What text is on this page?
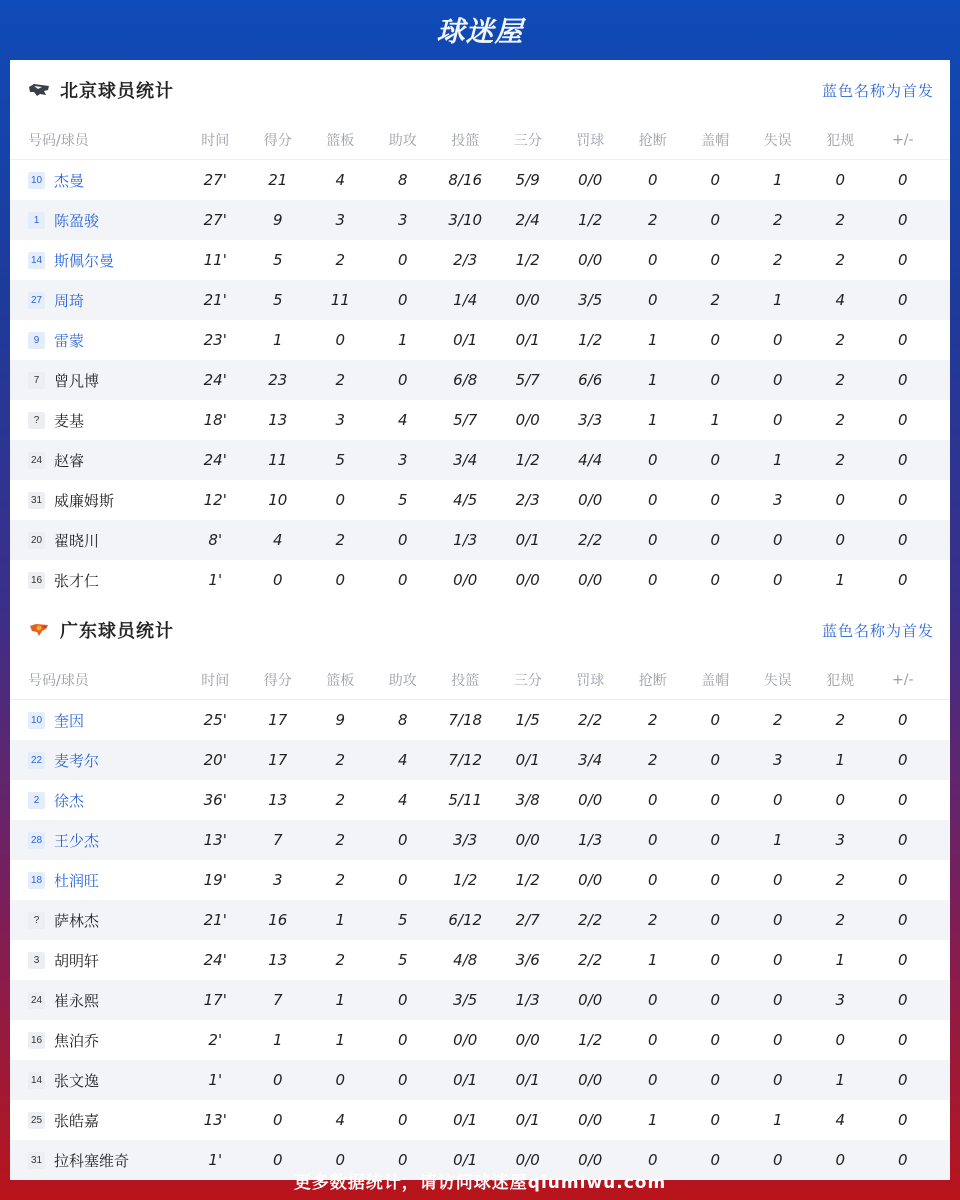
球迷屋
北京球员统计	蓝色名称为首发
号码/球员	时间	得分	篮板	助攻	投篮	三分	罚球	抢断	盖帽	失误	犯规	+/-
10 杰曼	27'	21	4	8	8/16	5/9	0/0	0	0	1	0	0
1 陈盈骏	27'	9	3	3	3/10	2/4	1/2	2	0	2	2	0
14 斯佩尔曼	11'	5	2	0	2/3	1/2	0/0	0	0	2	2	0
27 周琦	21'	5	11	0	1/4	0/0	3/5	0	2	1	4	0
9 雷蒙	23'	1	0	1	0/1	0/1	1/2	1	0	0	2	0
7 曾凡博	24'	23	2	0	6/8	5/7	6/6	1	0	0	2	0
? 麦基	18'	13	3	4	5/7	0/0	3/3	1	1	0	2	0
24 赵睿	24'	11	5	3	3/4	1/2	4/4	0	0	1	2	0
31 威廉姆斯	12'	10	0	5	4/5	2/3	0/0	0	0	3	0	0
20 翟晓川	8'	4	2	0	1/3	0/1	2/2	0	0	0	0	0
16 张才仁	1'	0	0	0	0/0	0/0	0/0	0	0	0	1	0
广东球员统计	蓝色名称为首发
号码/球员	时间	得分	篮板	助攻	投篮	三分	罚球	抢断	盖帽	失误	犯规	+/-
10 奎因	25'	17	9	8	7/18	1/5	2/2	2	0	2	2	0
22 麦考尔	20'	17	2	4	7/12	0/1	3/4	2	0	3	1	0
2 徐杰	36'	13	2	4	5/11	3/8	0/0	0	0	0	0	0
28 王少杰	13'	7	2	0	3/3	0/0	1/3	0	0	1	3	0
18 杜润旺	19'	3	2	0	1/2	1/2	0/0	0	0	0	2	0
? 萨林杰	21'	16	1	5	6/12	2/7	2/2	2	0	0	2	0
3 胡明轩	24'	13	2	5	4/8	3/6	2/2	1	0	0	1	0
24 崔永熙	17'	7	1	0	3/5	1/3	0/0	0	0	0	3	0
16 焦泊乔	2'	1	1	0	0/0	0/0	1/2	0	0	0	0	0
14 张文逸	1'	0	0	0	0/1	0/1	0/0	0	0	0	1	0
25 张皓嘉	13'	0	4	0	0/1	0/1	0/0	1	0	1	4	0
31 拉科塞维奇	1'	0	0	0	0/1	0/0	0/0	0	0	0	0	0
更多数据统计，请访问球迷屋qiumiwu.com
